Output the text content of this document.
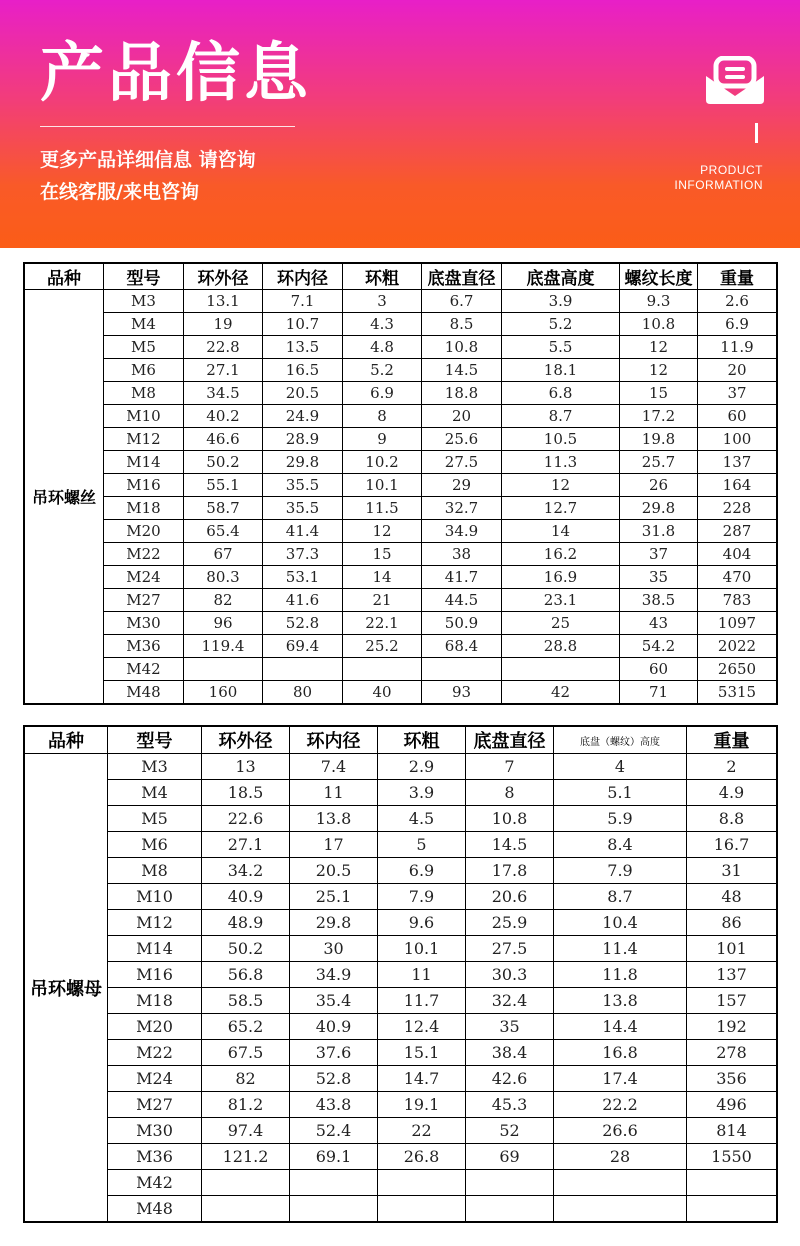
产品信息
更多产品详细信息 请咨询
在线客服/来电咨询
PRODUCT
INFORMATION
品种	型号	环外径	环内径	环粗	底盘直径	底盘高度	螺纹长度	重量
吊环螺丝	M3	13.1	7.1	3	6.7	3.9	9.3	2.6
	M4	19	10.7	4.3	8.5	5.2	10.8	6.9
	M5	22.8	13.5	4.8	10.8	5.5	12	11.9
	M6	27.1	16.5	5.2	14.5	18.1	12	20
	M8	34.5	20.5	6.9	18.8	6.8	15	37
	M10	40.2	24.9	8	20	8.7	17.2	60
	M12	46.6	28.9	9	25.6	10.5	19.8	100
	M14	50.2	29.8	10.2	27.5	11.3	25.7	137
	M16	55.1	35.5	10.1	29	12	26	164
	M18	58.7	35.5	11.5	32.7	12.7	29.8	228
	M20	65.4	41.4	12	34.9	14	31.8	287
	M22	67	37.3	15	38	16.2	37	404
	M24	80.3	53.1	14	41.7	16.9	35	470
	M27	82	41.6	21	44.5	23.1	38.5	783
	M30	96	52.8	22.1	50.9	25	43	1097
	M36	119.4	69.4	25.2	68.4	28.8	54.2	2022
	M42						60	2650
	M48	160	80	40	93	42	71	5315
品种	型号	环外径	环内径	环粗	底盘直径	底盘（螺纹）高度	重量
吊环螺母	M3	13	7.4	2.9	7	4	2
	M4	18.5	11	3.9	8	5.1	4.9
	M5	22.6	13.8	4.5	10.8	5.9	8.8
	M6	27.1	17	5	14.5	8.4	16.7
	M8	34.2	20.5	6.9	17.8	7.9	31
	M10	40.9	25.1	7.9	20.6	8.7	48
	M12	48.9	29.8	9.6	25.9	10.4	86
	M14	50.2	30	10.1	27.5	11.4	101
	M16	56.8	34.9	11	30.3	11.8	137
	M18	58.5	35.4	11.7	32.4	13.8	157
	M20	65.2	40.9	12.4	35	14.4	192
	M22	67.5	37.6	15.1	38.4	16.8	278
	M24	82	52.8	14.7	42.6	17.4	356
	M27	81.2	43.8	19.1	45.3	22.2	496
	M30	97.4	52.4	22	52	26.6	814
	M36	121.2	69.1	26.8	69	28	1550
	M42						
	M48						
